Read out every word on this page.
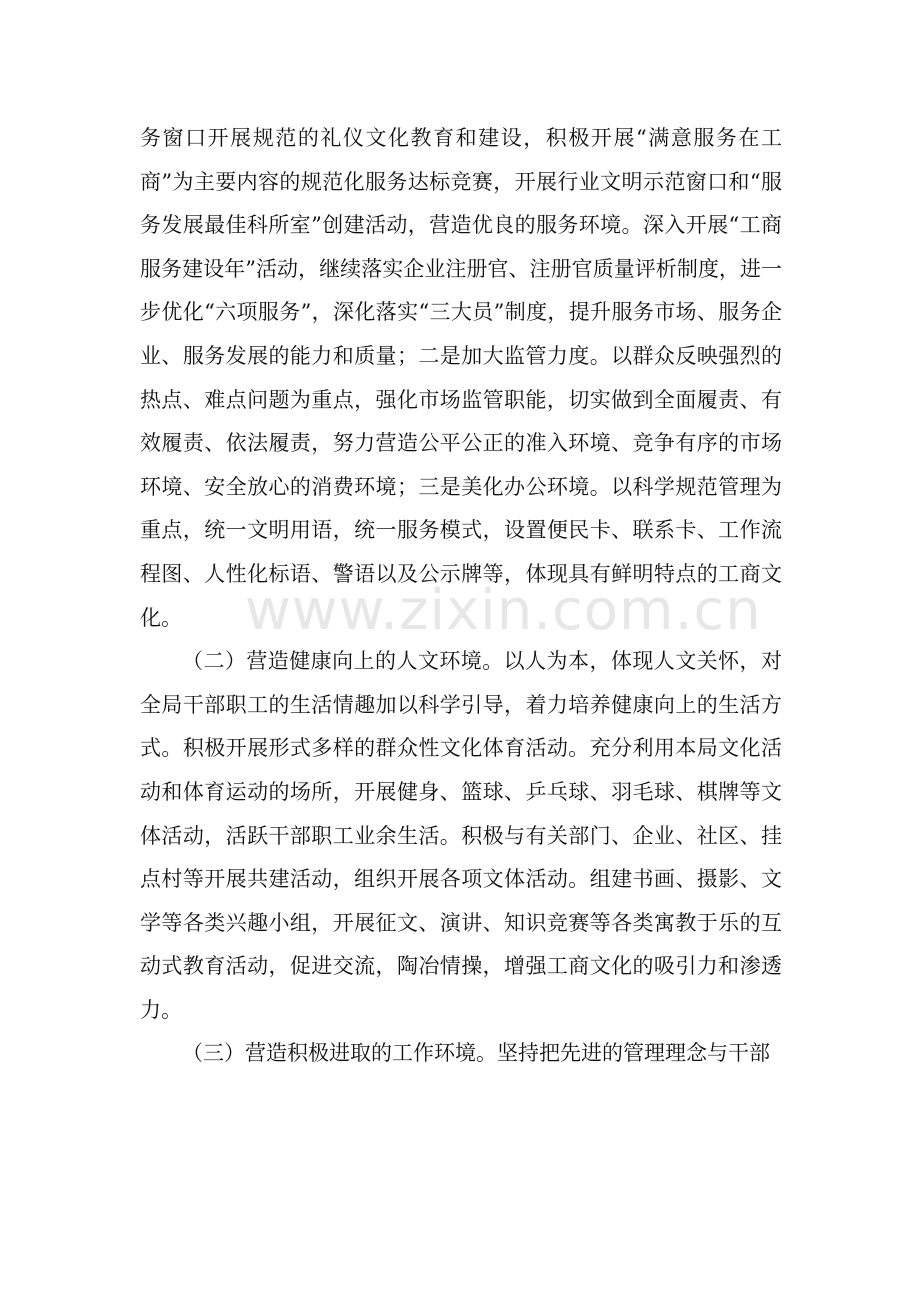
务窗口开展规范的礼仪文化教育和建设，积极开展“满意服务在工商”为主要内容的规范化服务达标竞赛，开展行业文明示范窗口和“服务发展最佳科所室”创建活动，营造优良的服务环境。深入开展“工商服务建设年”活动，继续落实企业注册官、注册官质量评析制度，进一步优化“六项服务”，深化落实“三大员”制度，提升服务市场、服务企业、服务发展的能力和质量；二是加大监管力度。以群众反映强烈的热点、难点问题为重点，强化市场监管职能，切实做到全面履责、有效履责、依法履责，努力营造公平公正的准入环境、竞争有序的市场环境、安全放心的消费环境；三是美化办公环境。以科学规范管理为重点，统一文明用语，统一服务模式，设置便民卡、联系卡、工作流程图、人性化标语、警语以及公示牌等，体现具有鲜明特点的工商文化。

（二）营造健康向上的人文环境。以人为本，体现人文关怀，对全局干部职工的生活情趣加以科学引导，着力培养健康向上的生活方式。积极开展形式多样的群众性文化体育活动。充分利用本局文化活动和体育运动的场所，开展健身、篮球、乒乓球、羽毛球、棋牌等文体活动，活跃干部职工业余生活。积极与有关部门、企业、社区、挂点村等开展共建活动，组织开展各项文体活动。组建书画、摄影、文学等各类兴趣小组，开展征文、演讲、知识竞赛等各类寓教于乐的互动式教育活动，促进交流，陶冶情操，增强工商文化的吸引力和渗透力。

（三）营造积极进取的工作环境。坚持把先进的管理理念与干部

www.zixin.com.cn
